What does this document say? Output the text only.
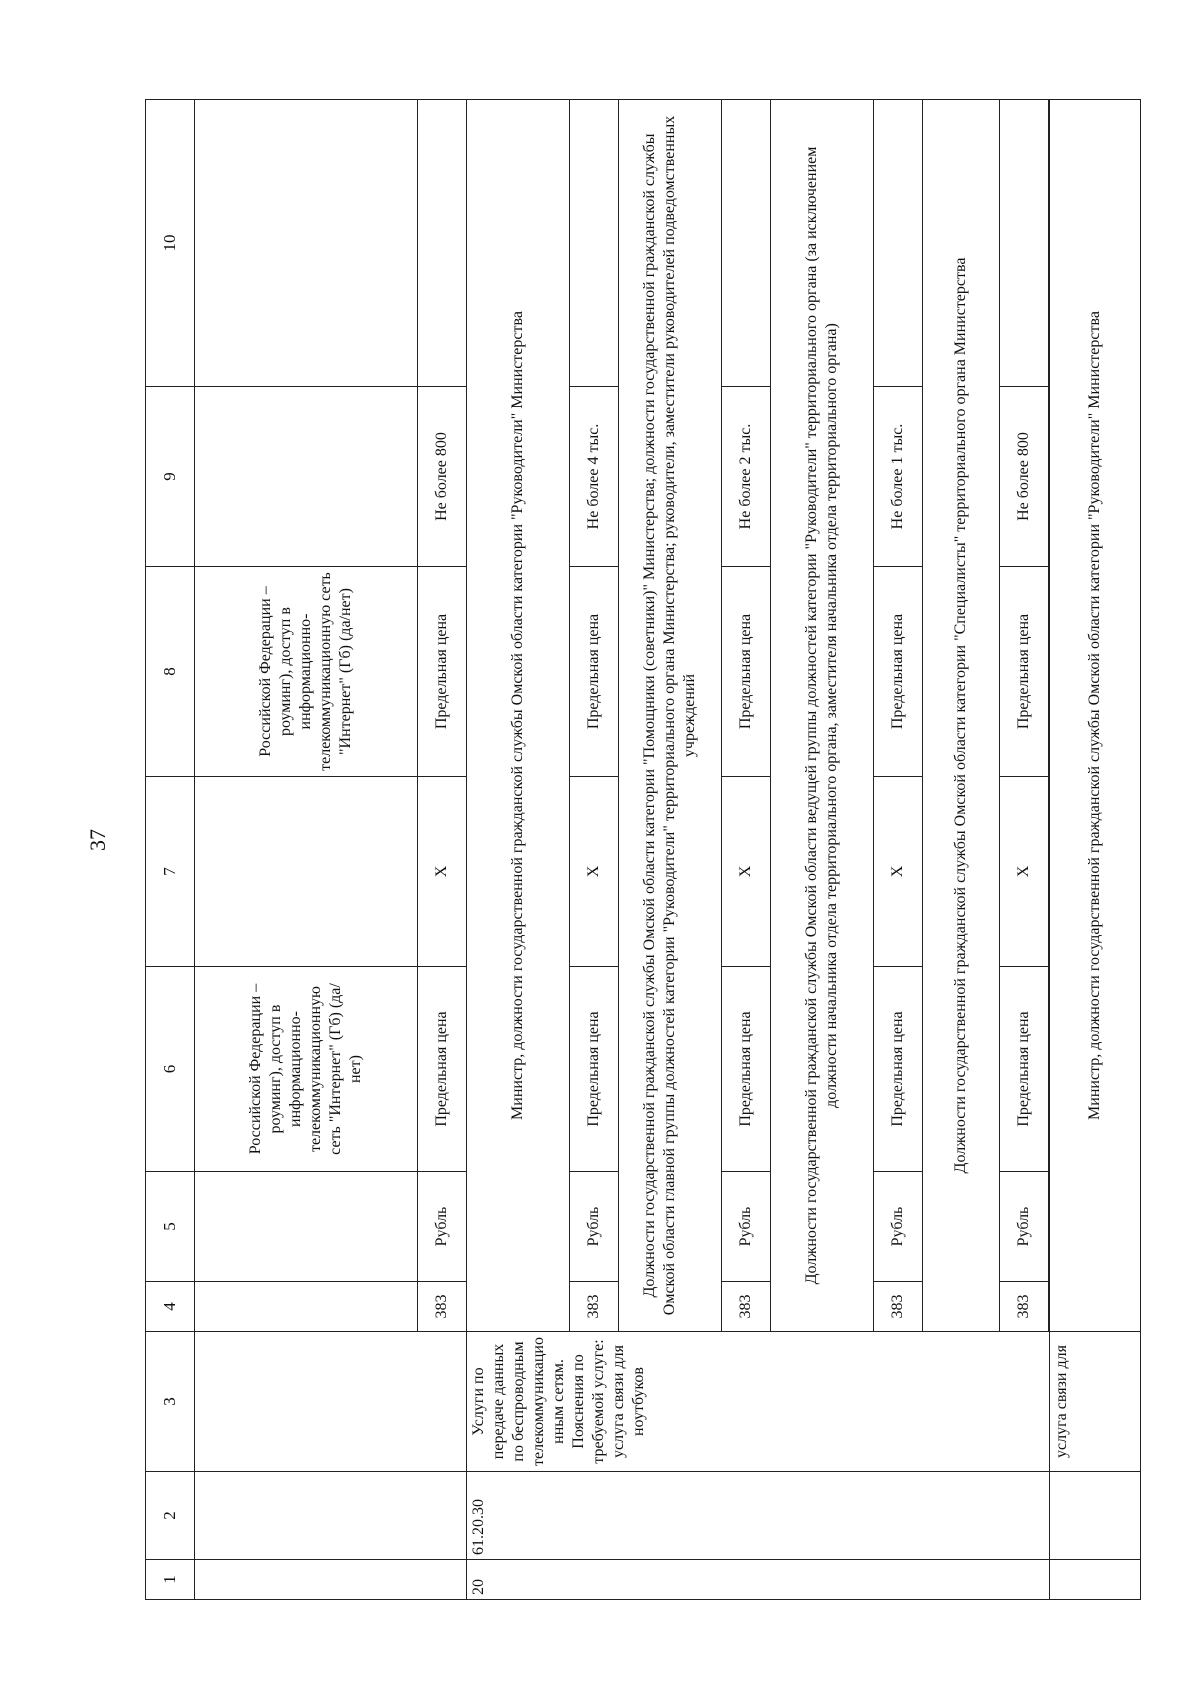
37
1	2	3	4	5	6	7	8	9	10
					Российской Федерации – роуминг), доступ в информационно-телекоммуникационную сеть "Интернет" (Гб) (да/нет)		Российской Федерации – роуминг), доступ в информационно-телекоммуникационную сеть "Интернет" (Гб) (да/нет)		
			383	Рубль	Предельная цена	X	Предельная цена	Не более 800	
20	61.20.30	Услуги по передаче данных по беспроводным телекоммуникационным сетям. Пояснения по требуемой услуге: услуга связи для ноутбуков	Министр, должности государственной гражданской службы Омской области категории "Руководители" Министерства						
			383	Рубль	Предельная цена	X	Предельная цена	Не более 4 тыс.	
			Должности государственной гражданской службы Омской области категории "Помощники (советники)" Министерства; должности государственной гражданской службы Омской области главной группы должностей категории "Руководители" территориального органа Министерства; руководители, заместители руководителей подведомственных учреждений						
			383	Рубль	Предельная цена	X	Предельная цена	Не более 2 тыс.	
			Должности государственной гражданской службы Омской области ведущей группы должностей категории "Руководители" территориального органа (за исключением должности начальника отдела территориального органа, заместителя начальника отдела территориального органа)						
			383	Рубль	Предельная цена	X	Предельная цена	Не более 1 тыс.	
			Должности государственной гражданской службы Омской области категории "Специалисты" территориального органа Министерства						
			383	Рубль	Предельная цена	X	Предельная цена	Не более 800	

		услуга связи для	Министр, должности государственной гражданской службы Омской области категории "Руководители" Министерства						
